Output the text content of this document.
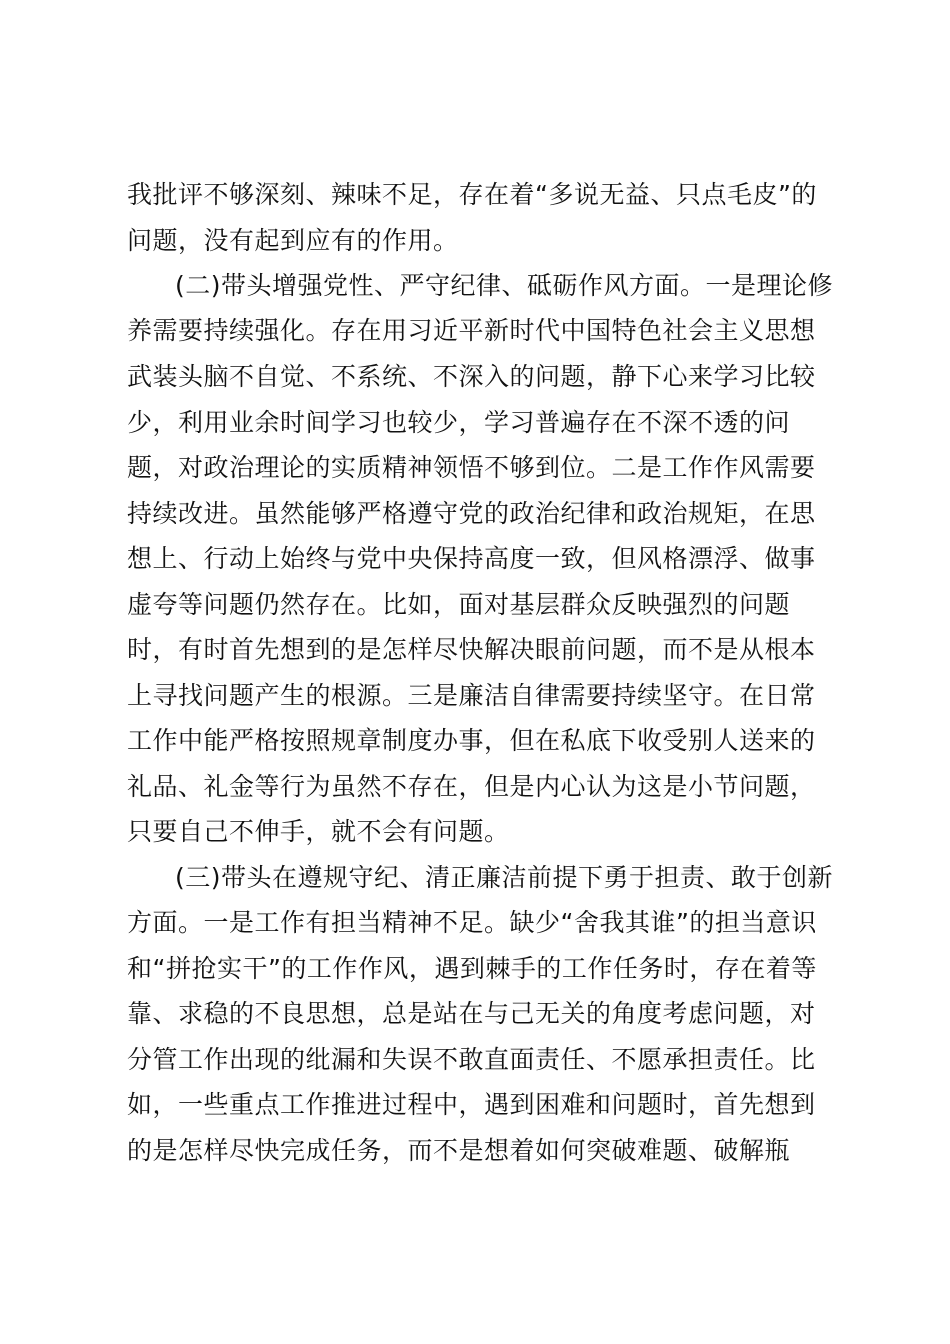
我批评不够深刻、辣味不足，存在着“多说无益、只点毛皮”的
问题，没有起到应有的作用。
(二)带头增强党性、严守纪律、砥砺作风方面。一是理论修
养需要持续强化。存在用习近平新时代中国特色社会主义思想
武装头脑不自觉、不系统、不深入的问题，静下心来学习比较
少，利用业余时间学习也较少，学习普遍存在不深不透的问
题，对政治理论的实质精神领悟不够到位。二是工作作风需要
持续改进。虽然能够严格遵守党的政治纪律和政治规矩，在思
想上、行动上始终与党中央保持高度一致，但风格漂浮、做事
虚夸等问题仍然存在。比如，面对基层群众反映强烈的问题
时，有时首先想到的是怎样尽快解决眼前问题，而不是从根本
上寻找问题产生的根源。三是廉洁自律需要持续坚守。在日常
工作中能严格按照规章制度办事，但在私底下收受别人送来的
礼品、礼金等行为虽然不存在，但是内心认为这是小节问题，
只要自己不伸手，就不会有问题。
(三)带头在遵规守纪、清正廉洁前提下勇于担责、敢于创新
方面。一是工作有担当精神不足。缺少“舍我其谁”的担当意识
和“拼抢实干”的工作作风，遇到棘手的工作任务时，存在着等
靠、求稳的不良思想，总是站在与己无关的角度考虑问题，对
分管工作出现的纰漏和失误不敢直面责任、不愿承担责任。比
如，一些重点工作推进过程中，遇到困难和问题时，首先想到
的是怎样尽快完成任务，而不是想着如何突破难题、破解瓶
